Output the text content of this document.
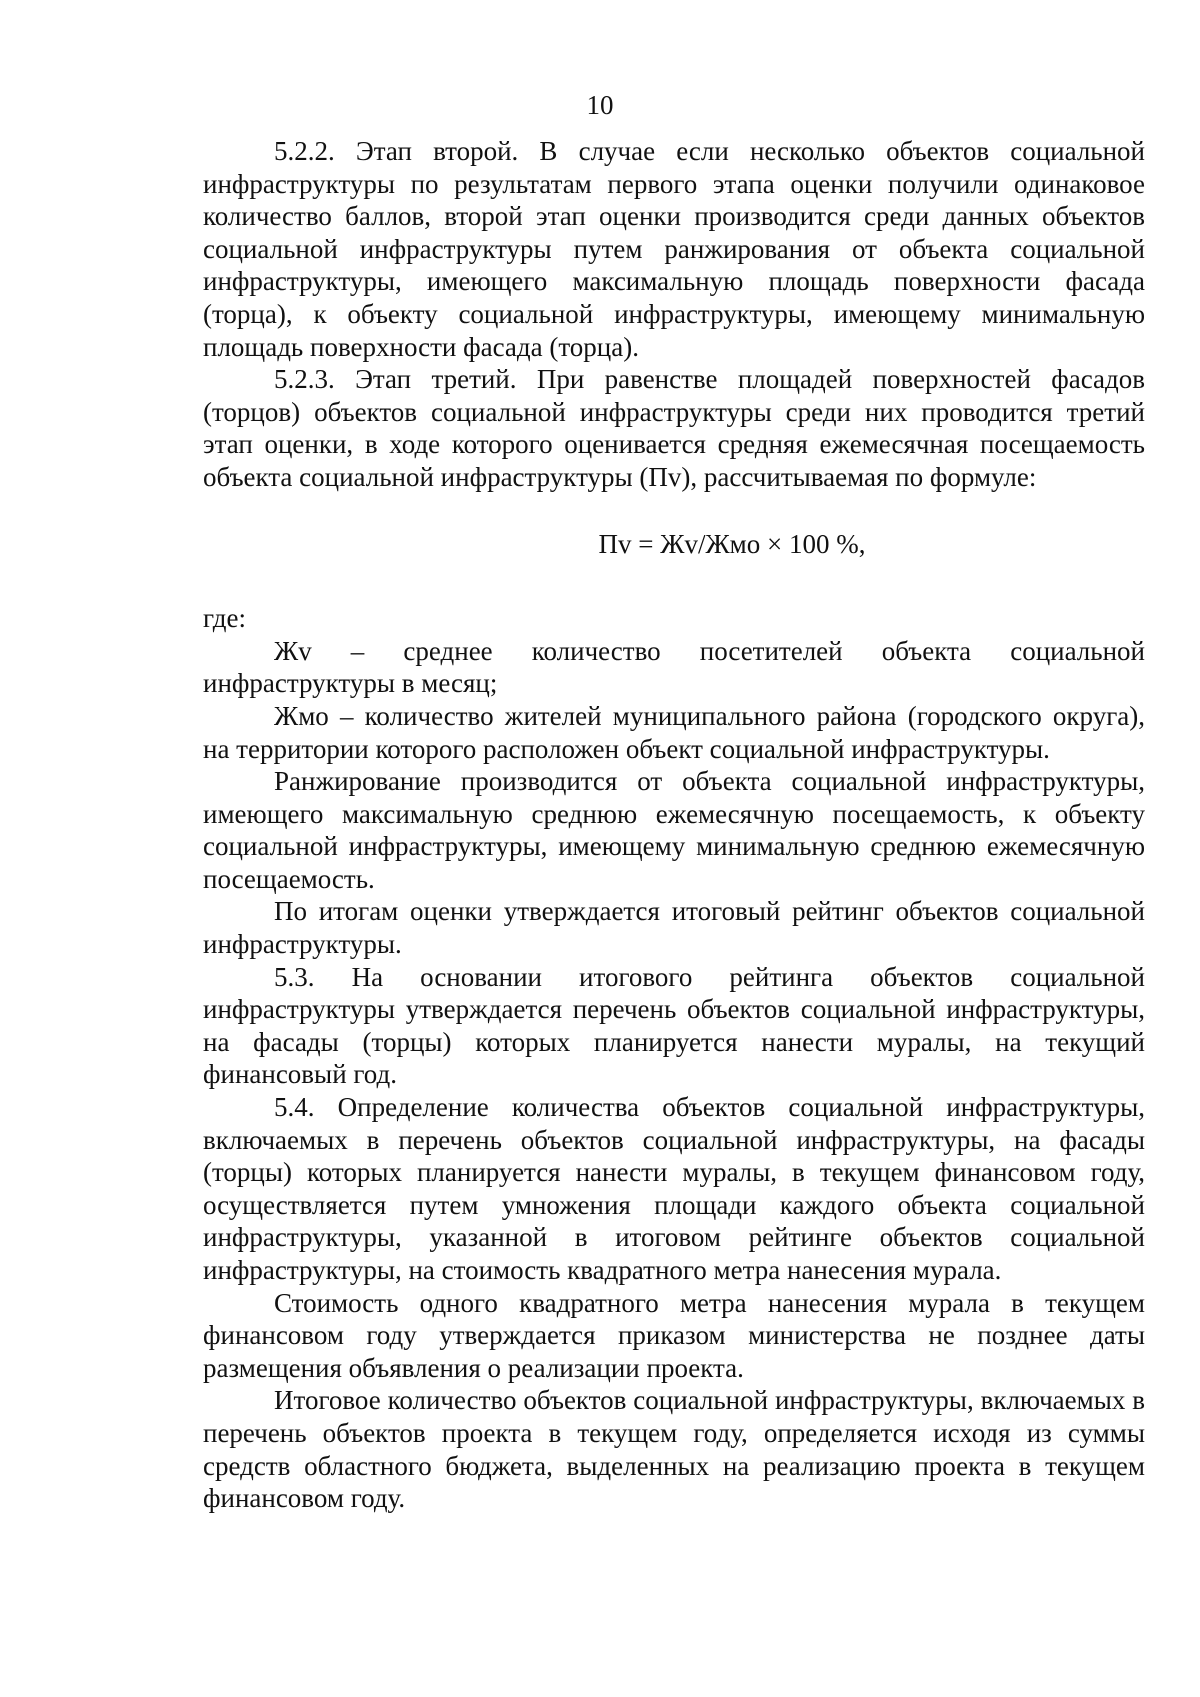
10

5.2.2. Этап второй. В случае если несколько объектов социальной инфраструктуры по результатам первого этапа оценки получили одинаковое количество баллов, второй этап оценки производится среди данных объектов социальной инфраструктуры путем ранжирования от объекта социальной инфраструктуры, имеющего максимальную площадь поверхности фасада (торца), к объекту социальной инфраструктуры, имеющему минимальную площадь поверхности фасада (торца).

5.2.3. Этап третий. При равенстве площадей поверхностей фасадов (торцов) объектов социальной инфраструктуры среди них проводится третий этап оценки, в ходе которого оценивается средняя ежемесячная посещаемость объекта социальной инфраструктуры (Пv), рассчитываемая по формуле:

Пv = Жv/Жмо × 100 %,

где:

Жv – среднее количество посетителей объекта социальной инфраструктуры в месяц;

Жмо – количество жителей муниципального района (городского округа), на территории которого расположен объект социальной инфраструктуры.

Ранжирование производится от объекта социальной инфраструктуры, имеющего максимальную среднюю ежемесячную посещаемость, к объекту социальной инфраструктуры, имеющему минимальную среднюю ежемесячную посещаемость.

По итогам оценки утверждается итоговый рейтинг объектов социальной инфраструктуры.

5.3. На основании итогового рейтинга объектов социальной инфраструктуры утверждается перечень объектов социальной инфраструктуры, на фасады (торцы) которых планируется нанести муралы, на текущий финансовый год.

5.4. Определение количества объектов социальной инфраструктуры, включаемых в перечень объектов социальной инфраструктуры, на фасады (торцы) которых планируется нанести муралы, в текущем финансовом году, осуществляется путем умножения площади каждого объекта социальной инфраструктуры, указанной в итоговом рейтинге объектов социальной инфраструктуры, на стоимость квадратного метра нанесения мурала.

Стоимость одного квадратного метра нанесения мурала в текущем финансовом году утверждается приказом министерства не позднее даты размещения объявления о реализации проекта.

Итоговое количество объектов социальной инфраструктуры, включаемых в перечень объектов проекта в текущем году, определяется исходя из суммы средств областного бюджета, выделенных на реализацию проекта в текущем финансовом году.
